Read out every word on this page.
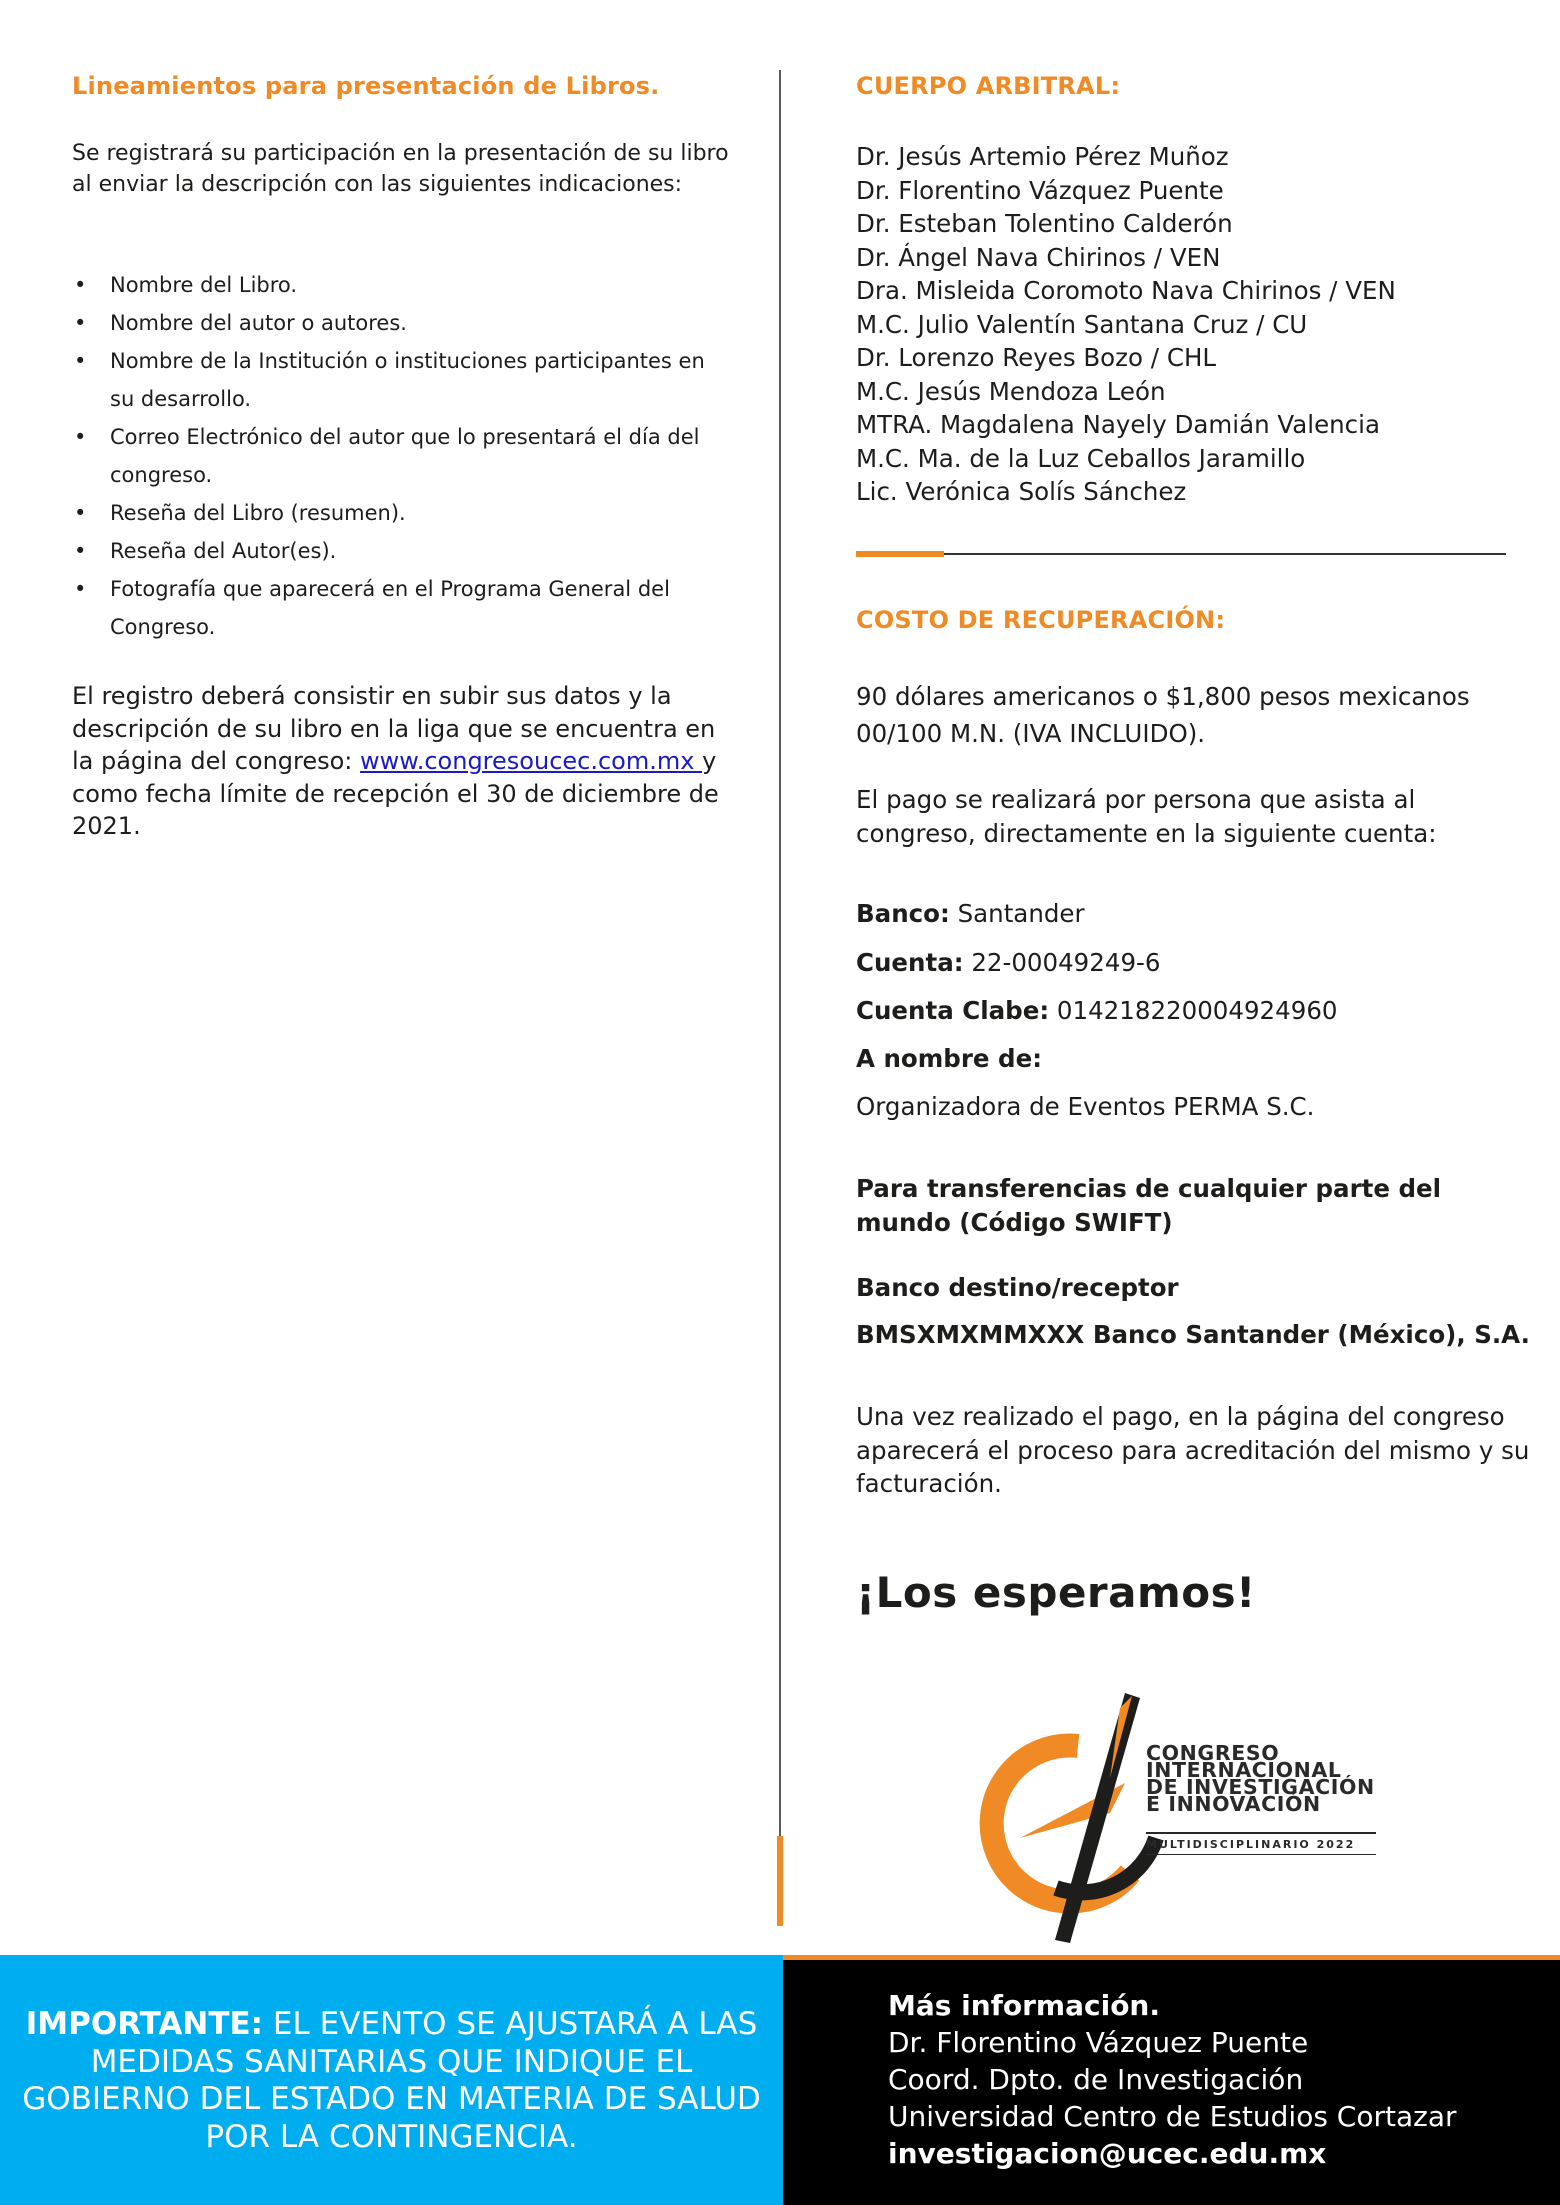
Lineamientos para presentación de Libros.
Se registrará su participación en la presentación de su libro al enviar la descripción con las siguientes indicaciones:
• Nombre del Libro.
• Nombre del autor o autores.
• Nombre de la Institución o instituciones participantes en su desarrollo.
• Correo Electrónico del autor que lo presentará el día del congreso.
• Reseña del Libro (resumen).
• Reseña del Autor(es).
• Fotografía que aparecerá en el Programa General del Congreso.
El registro deberá consistir en subir sus datos y la descripción de su libro en la liga que se encuentra en la página del congreso: www.congresoucec.com.mx y como fecha límite de recepción el 30 de diciembre de 2021.
CUERPO ARBITRAL:
Dr. Jesús Artemio Pérez Muñoz
Dr. Florentino Vázquez Puente
Dr. Esteban Tolentino Calderón
Dr. Ángel Nava Chirinos / VEN
Dra. Misleida Coromoto Nava Chirinos / VEN
M.C. Julio Valentín Santana Cruz / CU
Dr. Lorenzo Reyes Bozo / CHL
M.C. Jesús Mendoza León
MTRA. Magdalena Nayely Damián Valencia
M.C. Ma. de la Luz Ceballos Jaramillo
Lic. Verónica Solís Sánchez
COSTO DE RECUPERACIÓN:
90 dólares americanos o $1,800 pesos mexicanos 00/100 M.N. (IVA INCLUIDO).
El pago se realizará por persona que asista al congreso, directamente en la siguiente cuenta:
Banco: Santander
Cuenta: 22-00049249-6
Cuenta Clabe: 014218220004924960
A nombre de:
Organizadora de Eventos PERMA S.C.
Para transferencias de cualquier parte del mundo (Código SWIFT)
Banco destino/receptor
BMSXMXMMXXX Banco Santander (México), S.A.
Una vez realizado el pago, en la página del congreso aparecerá el proceso para acreditación del mismo y su facturación.
¡Los esperamos!
CONGRESO
INTERNACIONAL
DE INVESTIGACIÓN
E INNOVACIÓN
MULTIDISCIPLINARIO 2022
IMPORTANTE: EL EVENTO SE AJUSTARÁ A LAS MEDIDAS SANITARIAS QUE INDIQUE EL GOBIERNO DEL ESTADO EN MATERIA DE SALUD POR LA CONTINGENCIA.
Más información.
Dr. Florentino Vázquez Puente
Coord. Dpto. de Investigación
Universidad Centro de Estudios Cortazar
investigacion@ucec.edu.mx
